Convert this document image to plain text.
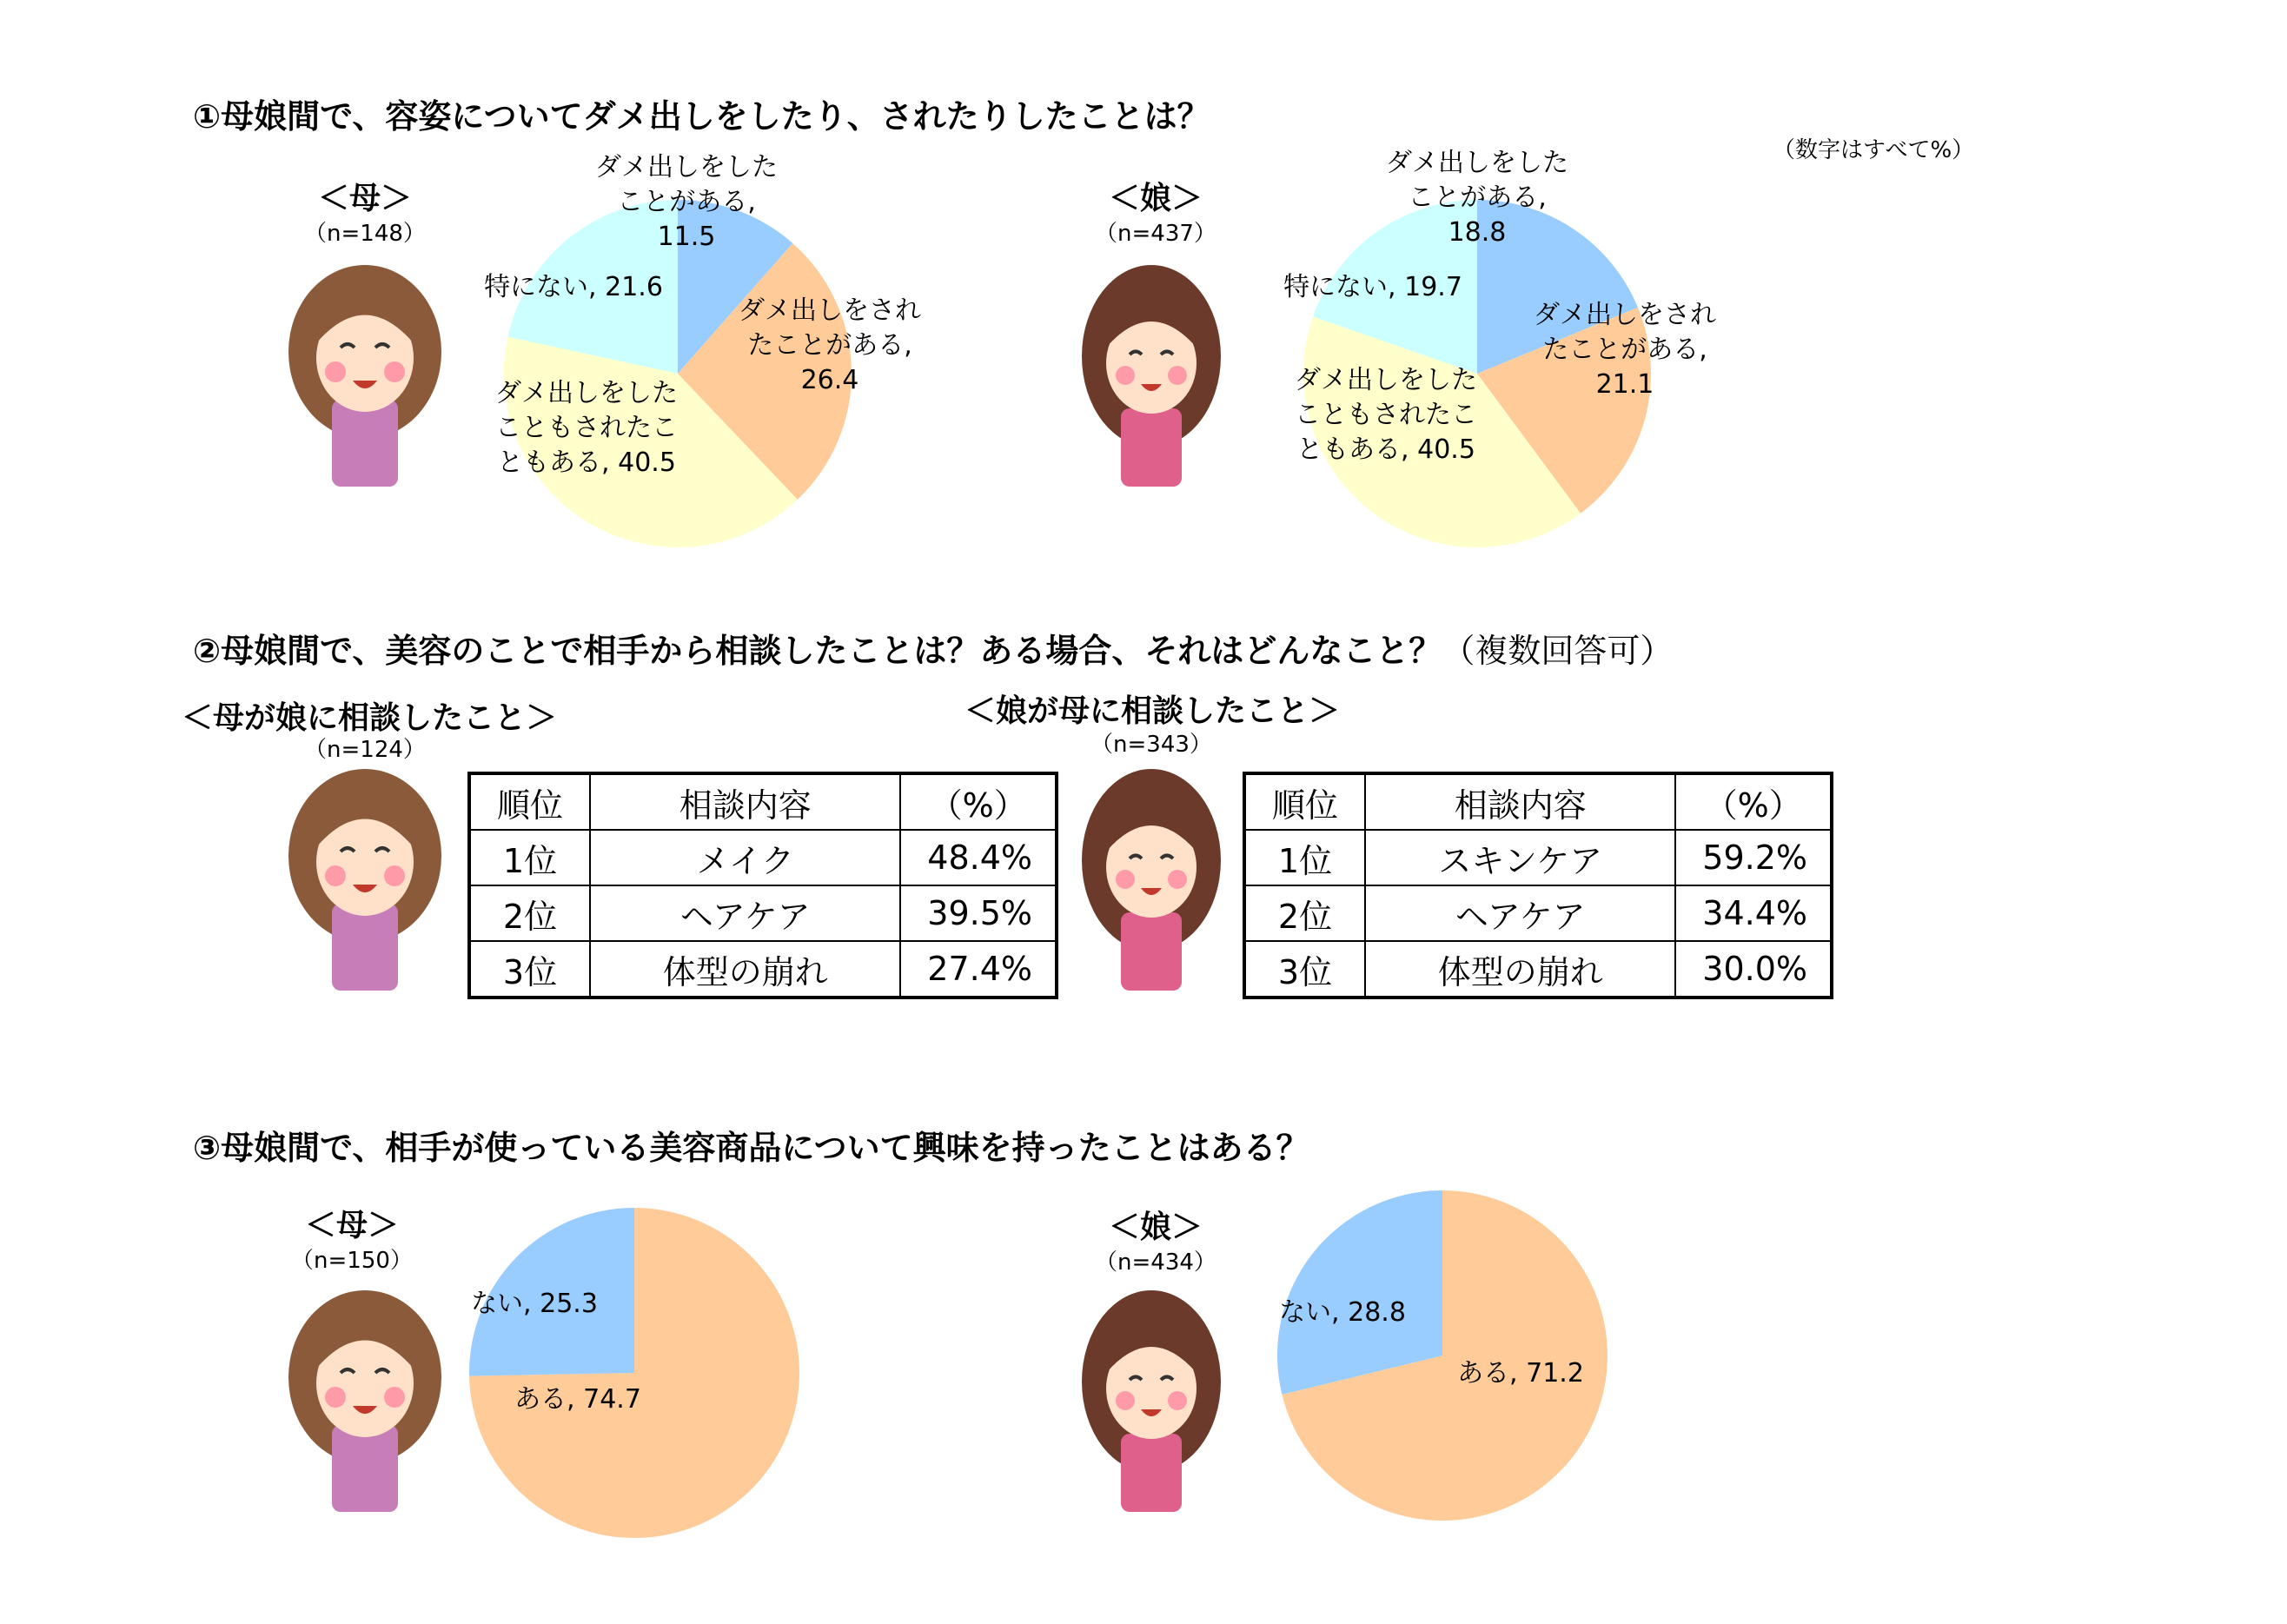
①母娘間で、容姿についてダメ出しをしたり、されたりしたことは？
（数字はすべて%）
＜母＞
（n=148）
＜娘＞
（n=437）
ダメ出しをしたことがある, 11.5
ダメ出しをされたことがある, 26.4
ダメ出しをしたこともされたこともある, 40.5
特にない, 21.6
ダメ出しをしたことがある, 18.8
ダメ出しをされたことがある, 21.1
ダメ出しをしたこともされたこともある, 40.5
特にない, 19.7
②母娘間で、美容のことで相手から相談したことは？ある場合、それはどんなこと？（複数回答可）
＜母が娘に相談したこと＞
（n=124）
＜娘が母に相談したこと＞
（n=343）
順位	相談内容	（%）
1位	メイク	48.4%
2位	ヘアケア	39.5%
3位	体型の崩れ	27.4%
順位	相談内容	（%）
1位	スキンケア	59.2%
2位	ヘアケア	34.4%
3位	体型の崩れ	30.0%
③母娘間で、相手が使っている美容商品について興味を持ったことはある？
＜母＞
（n=150）
＜娘＞
（n=434）
ある, 74.7
ない, 25.3
ある, 71.2
ない, 28.8
